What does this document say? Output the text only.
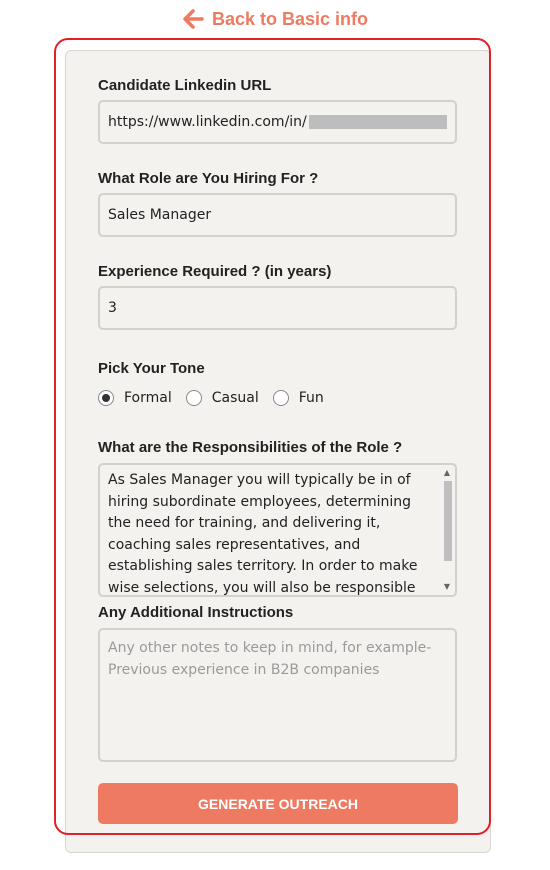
Back to Basic info
Candidate Linkedin URL
https://www.linkedin.com/in/
What Role are You Hiring For ?
Sales Manager
Experience Required ? (in years)
3
Pick Your Tone
Formal	Casual	Fun
What are the Responsibilities of the Role ?
As Sales Manager you will typically be in of hiring subordinate employees, determining the need for training, and delivering it, coaching sales representatives, and establishing sales territory. In order to make wise selections, you will also be responsible
▲
▼
Any Additional Instructions
Any other notes to keep in mind, for example- Previous experience in B2B companies
GENERATE OUTREACH
